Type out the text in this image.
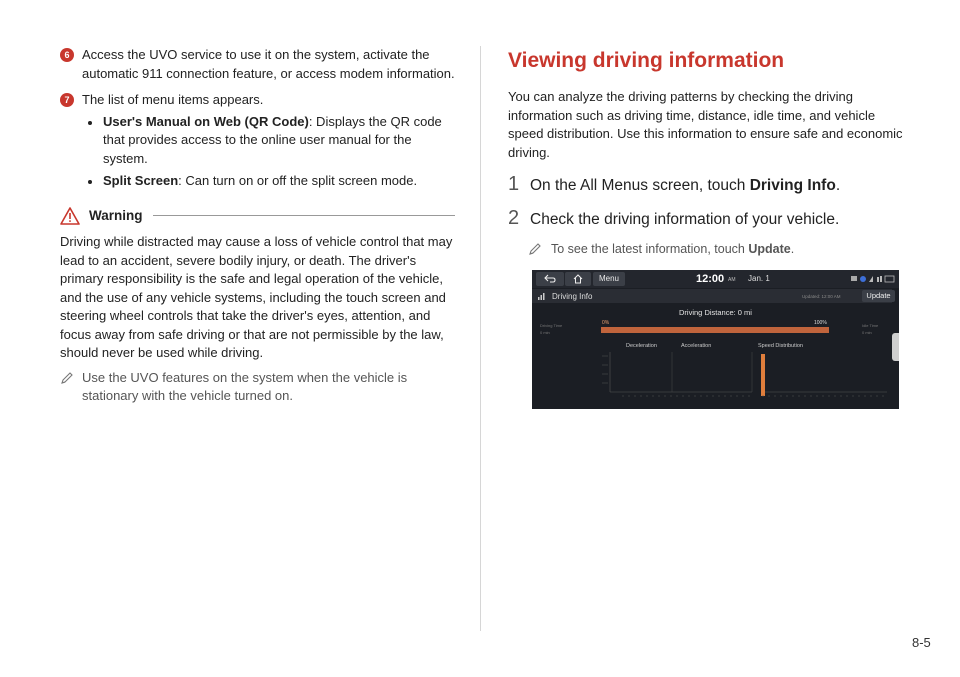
6 Access the UVO service to use it on the system, activate the automatic 911 connection feature, or access modem information.
7 The list of menu items appears.
User's Manual on Web (QR Code): Displays the QR code that provides access to the online user manual for the system.
Split Screen: Can turn on or off the split screen mode.
Warning

Driving while distracted may cause a loss of vehicle control that may lead to an accident, severe bodily injury, or death. The driver's primary responsibility is the safe and legal operation of the vehicle, and the use of any vehicle systems, including the touch screen and steering wheel controls that take the driver's eyes, attention, and focus away from safe driving or that are not permissible by the law, should never be used while driving.

Use the UVO features on the system when the vehicle is stationary with the vehicle turned on.
Viewing driving information

You can analyze the driving patterns by checking the driving information such as driving time, distance, idle time, and vehicle speed distribution. Use this information to ensure safe and economic driving.

1 On the All Menus screen, touch Driving Info.
2 Check the driving information of your vehicle.
To see the latest information, touch Update.
Menu	12:00 AM Jan. 1
Driving Info	Updated: 12:00 AM	Update
Driving Time
0 min
Idle Time
0 min
Driving Distance: 0 mi
0%	100%
Deceleration	Acceleration	Speed Distribution
8-5
